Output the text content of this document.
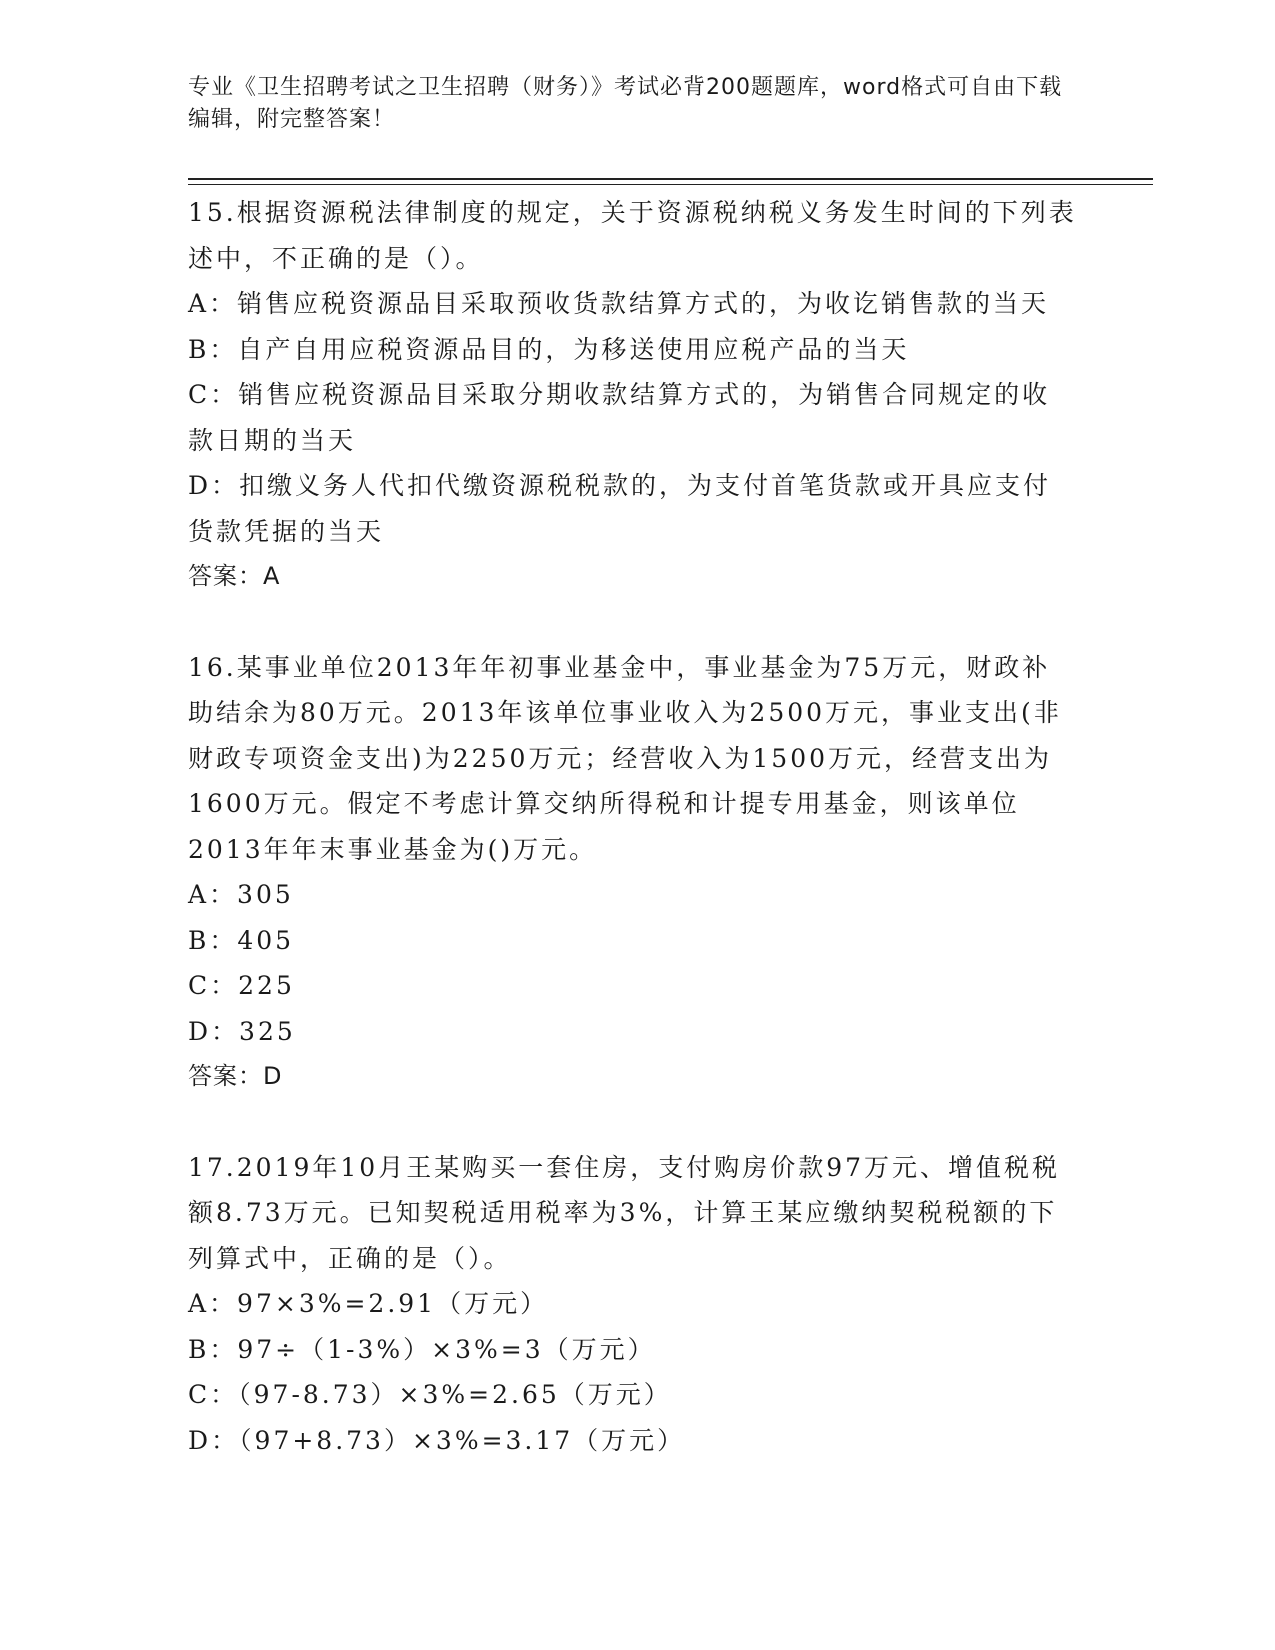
专业《卫生招聘考试之卫生招聘（财务）》考试必背200题题库，word格式可自由下载编辑，附完整答案！

15.根据资源税法律制度的规定，关于资源税纳税义务发生时间的下列表述中，不正确的是（）。

A：销售应税资源品目采取预收货款结算方式的，为收讫销售款的当天

B：自产自用应税资源品目的，为移送使用应税产品的当天

C：销售应税资源品目采取分期收款结算方式的，为销售合同规定的收款日期的当天

D：扣缴义务人代扣代缴资源税税款的，为支付首笔货款或开具应支付货款凭据的当天

答案：A

16.某事业单位2013年年初事业基金中，事业基金为75万元，财政补助结余为80万元。2013年该单位事业收入为2500万元，事业支出(非财政专项资金支出)为2250万元；经营收入为1500万元，经营支出为1600万元。假定不考虑计算交纳所得税和计提专用基金，则该单位2013年年末事业基金为()万元。

A：305

B：405

C：225

D：325

答案：D

17.2019年10月王某购买一套住房，支付购房价款97万元、增值税税额8.73万元。已知契税适用税率为3%，计算王某应缴纳契税税额的下列算式中，正确的是（）。

A：97×3%=2.91（万元）

B：97÷（1-3%）×3%=3（万元）

C：（97-8.73）×3%=2.65（万元）

D：（97+8.73）×3%=3.17（万元）
